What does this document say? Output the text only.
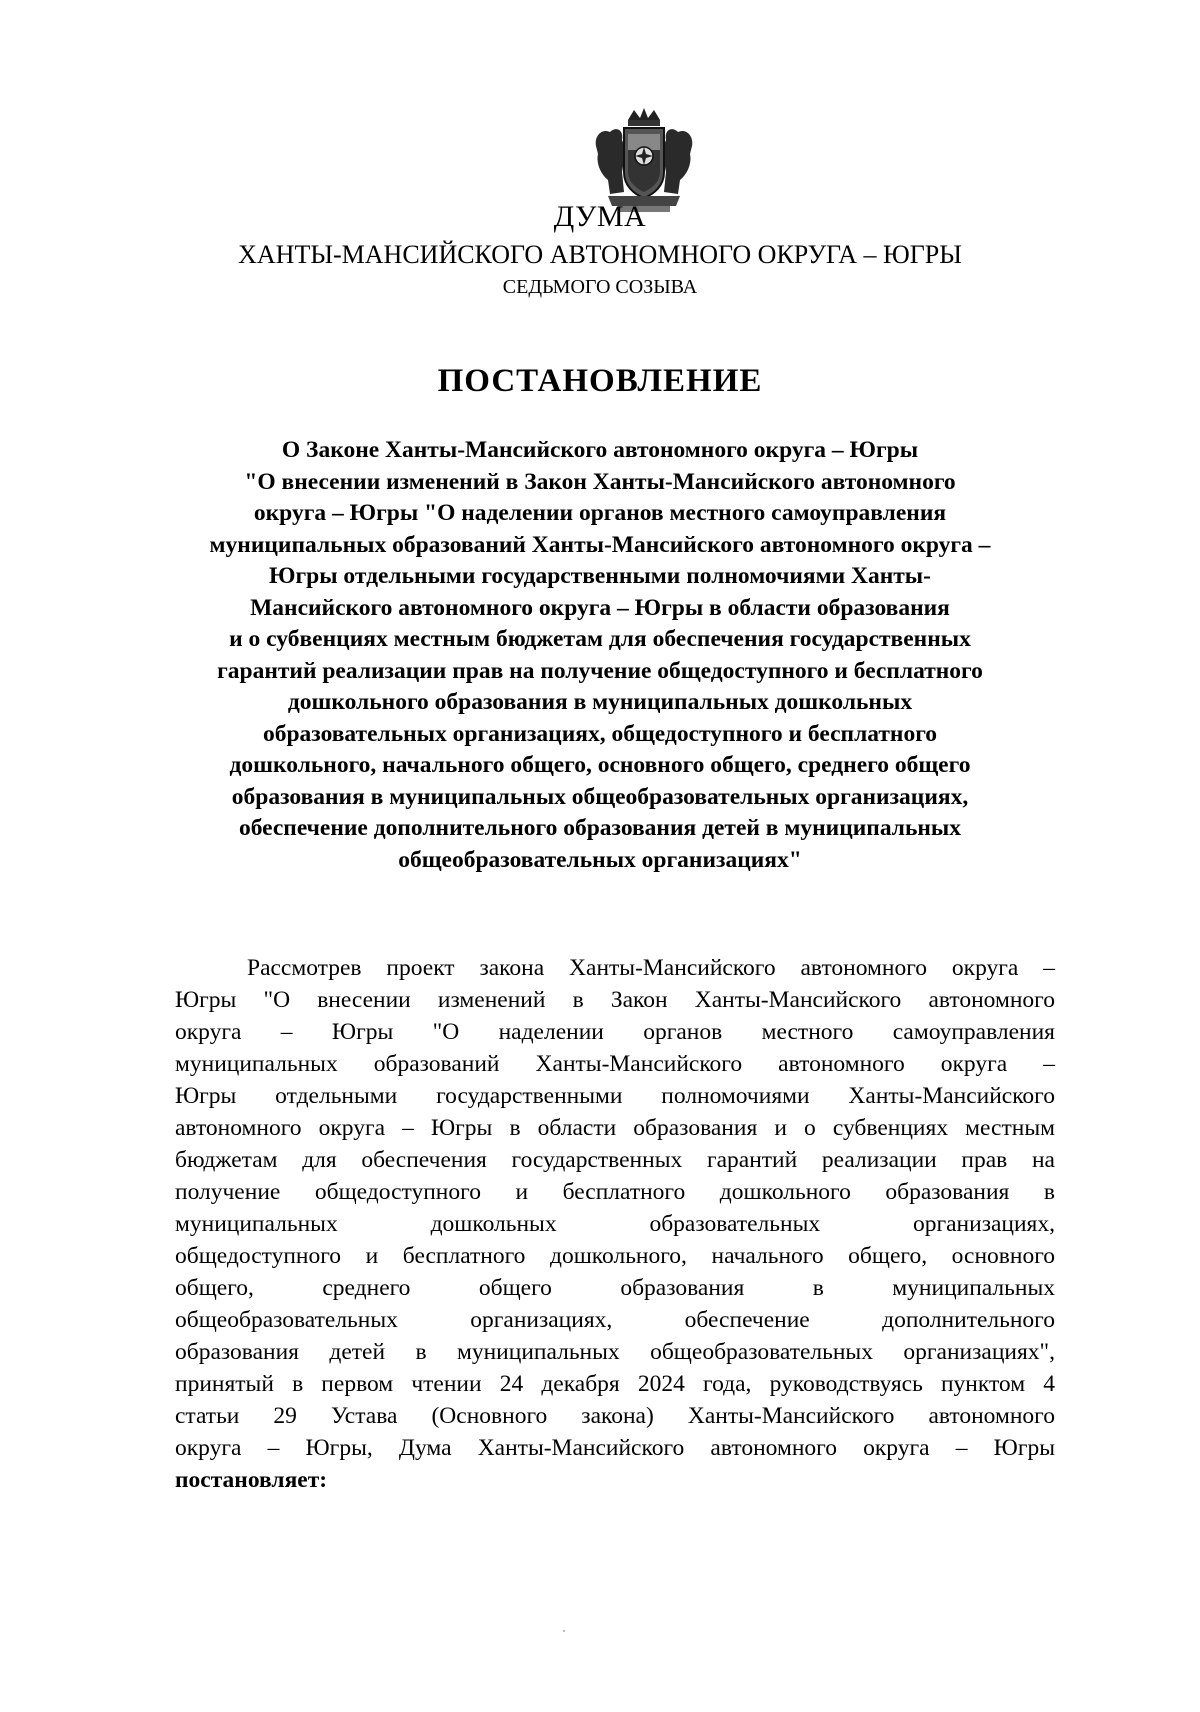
ДУМА
ХАНТЫ-МАНСИЙСКОГО АВТОНОМНОГО ОКРУГА – ЮГРЫ
СЕДЬМОГО СОЗЫВА
ПОСТАНОВЛЕНИЕ
О Законе Ханты-Мансийского автономного округа – Югры
"О внесении изменений в Закон Ханты-Мансийского автономного
округа – Югры "О наделении органов местного самоуправления
муниципальных образований Ханты-Мансийского автономного округа –
Югры отдельными государственными полномочиями Ханты-
Мансийского автономного округа – Югры в области образования
и о субвенциях местным бюджетам для обеспечения государственных
гарантий реализации прав на получение общедоступного и бесплатного
дошкольного образования в муниципальных дошкольных
образовательных организациях, общедоступного и бесплатного
дошкольного, начального общего, основного общего, среднего общего
образования в муниципальных общеобразовательных организациях,
обеспечение дополнительного образования детей в муниципальных
общеобразовательных организациях"
Рассмотрев проект закона Ханты-Мансийского автономного округа –
Югры "О внесении изменений в Закон Ханты-Мансийского автономного
округа – Югры "О наделении органов местного самоуправления
муниципальных образований Ханты-Мансийского автономного округа –
Югры отдельными государственными полномочиями Ханты-Мансийского
автономного округа – Югры в области образования и о субвенциях местным
бюджетам для обеспечения государственных гарантий реализации прав на
получение общедоступного и бесплатного дошкольного образования в
муниципальных дошкольных образовательных организациях,
общедоступного и бесплатного дошкольного, начального общего, основного
общего, среднего общего образования в муниципальных
общеобразовательных организациях, обеспечение дополнительного
образования детей в муниципальных общеобразовательных организациях",
принятый в первом чтении 24 декабря 2024 года, руководствуясь пунктом 4
статьи 29 Устава (Основного закона) Ханты-Мансийского автономного
округа – Югры, Дума Ханты-Мансийского автономного округа – Югры
постановляет:
